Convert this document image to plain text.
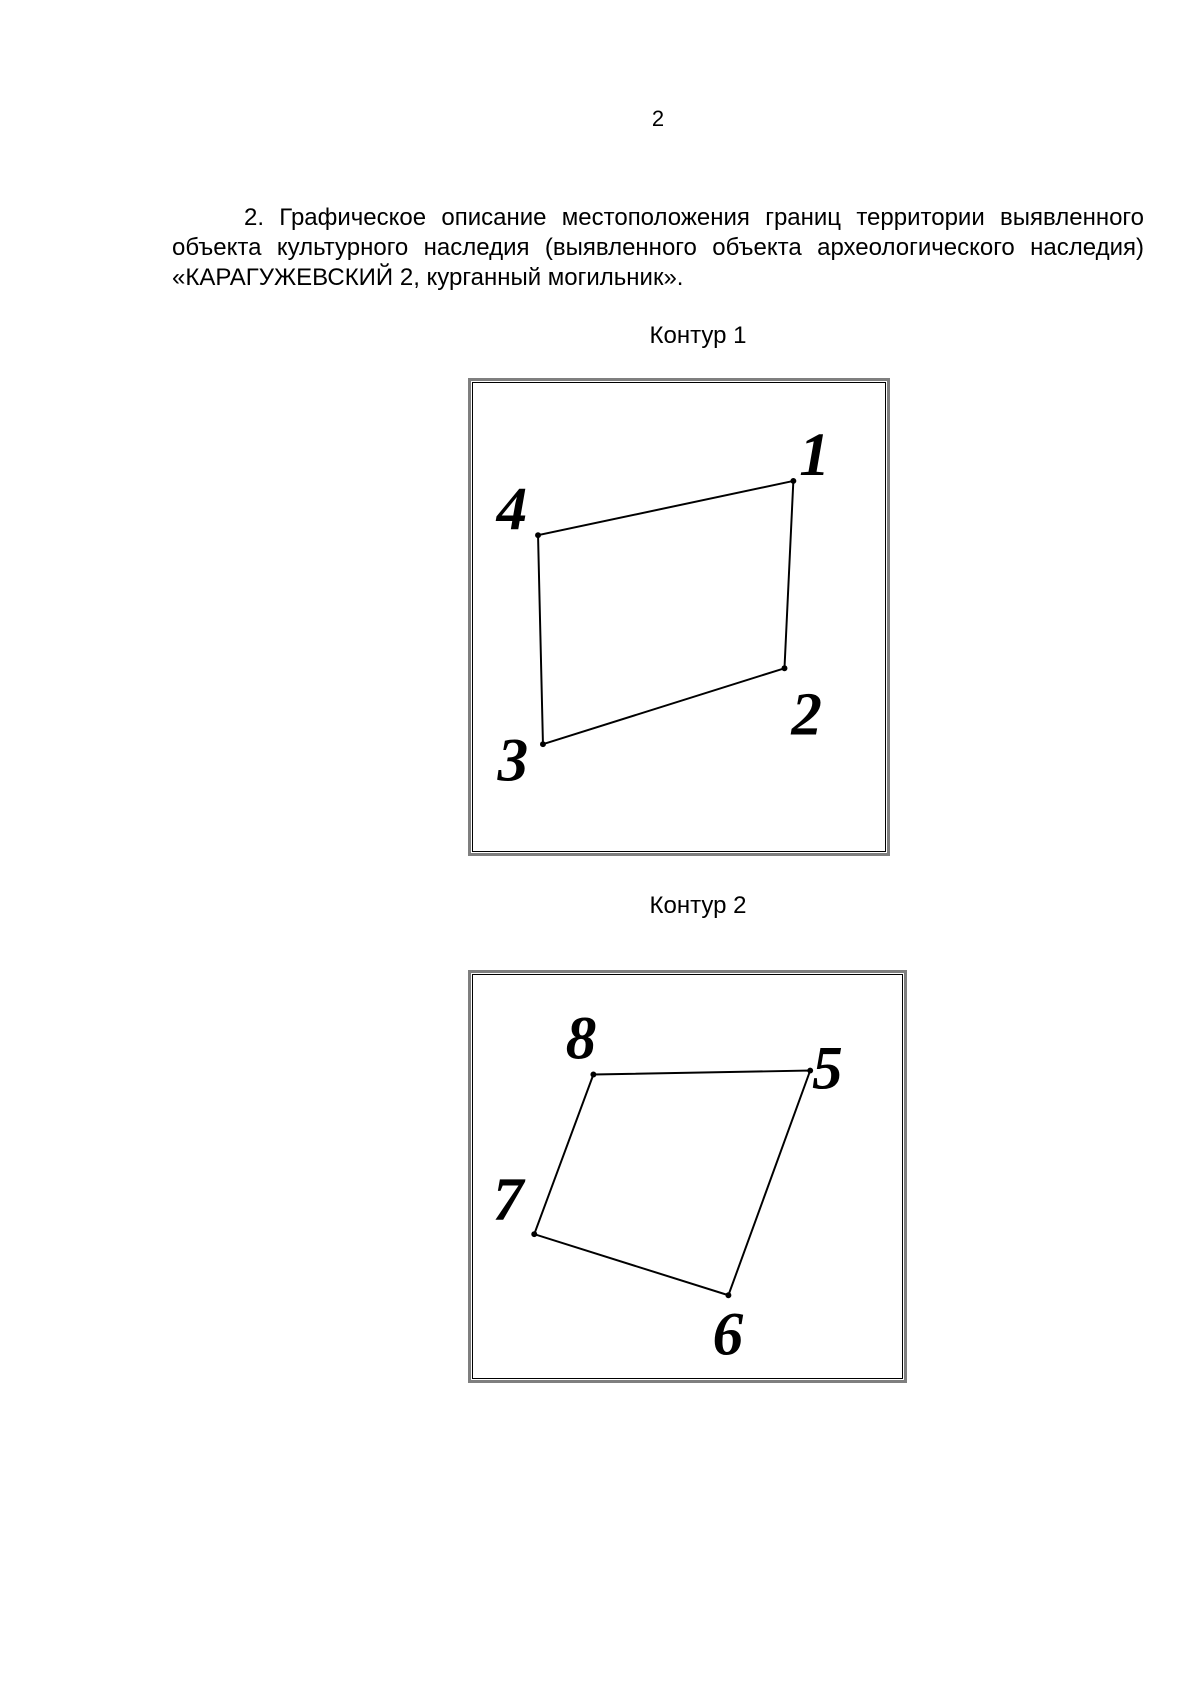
2

2. Графическое описание местоположения границ территории выявленного объекта культурного наследия (выявленного объекта археологического наследия) «КАРАГУЖЕВСКИЙ 2, курганный могильник».

Контур 1
1
2
3
4
Контур 2
5
6
7
8
